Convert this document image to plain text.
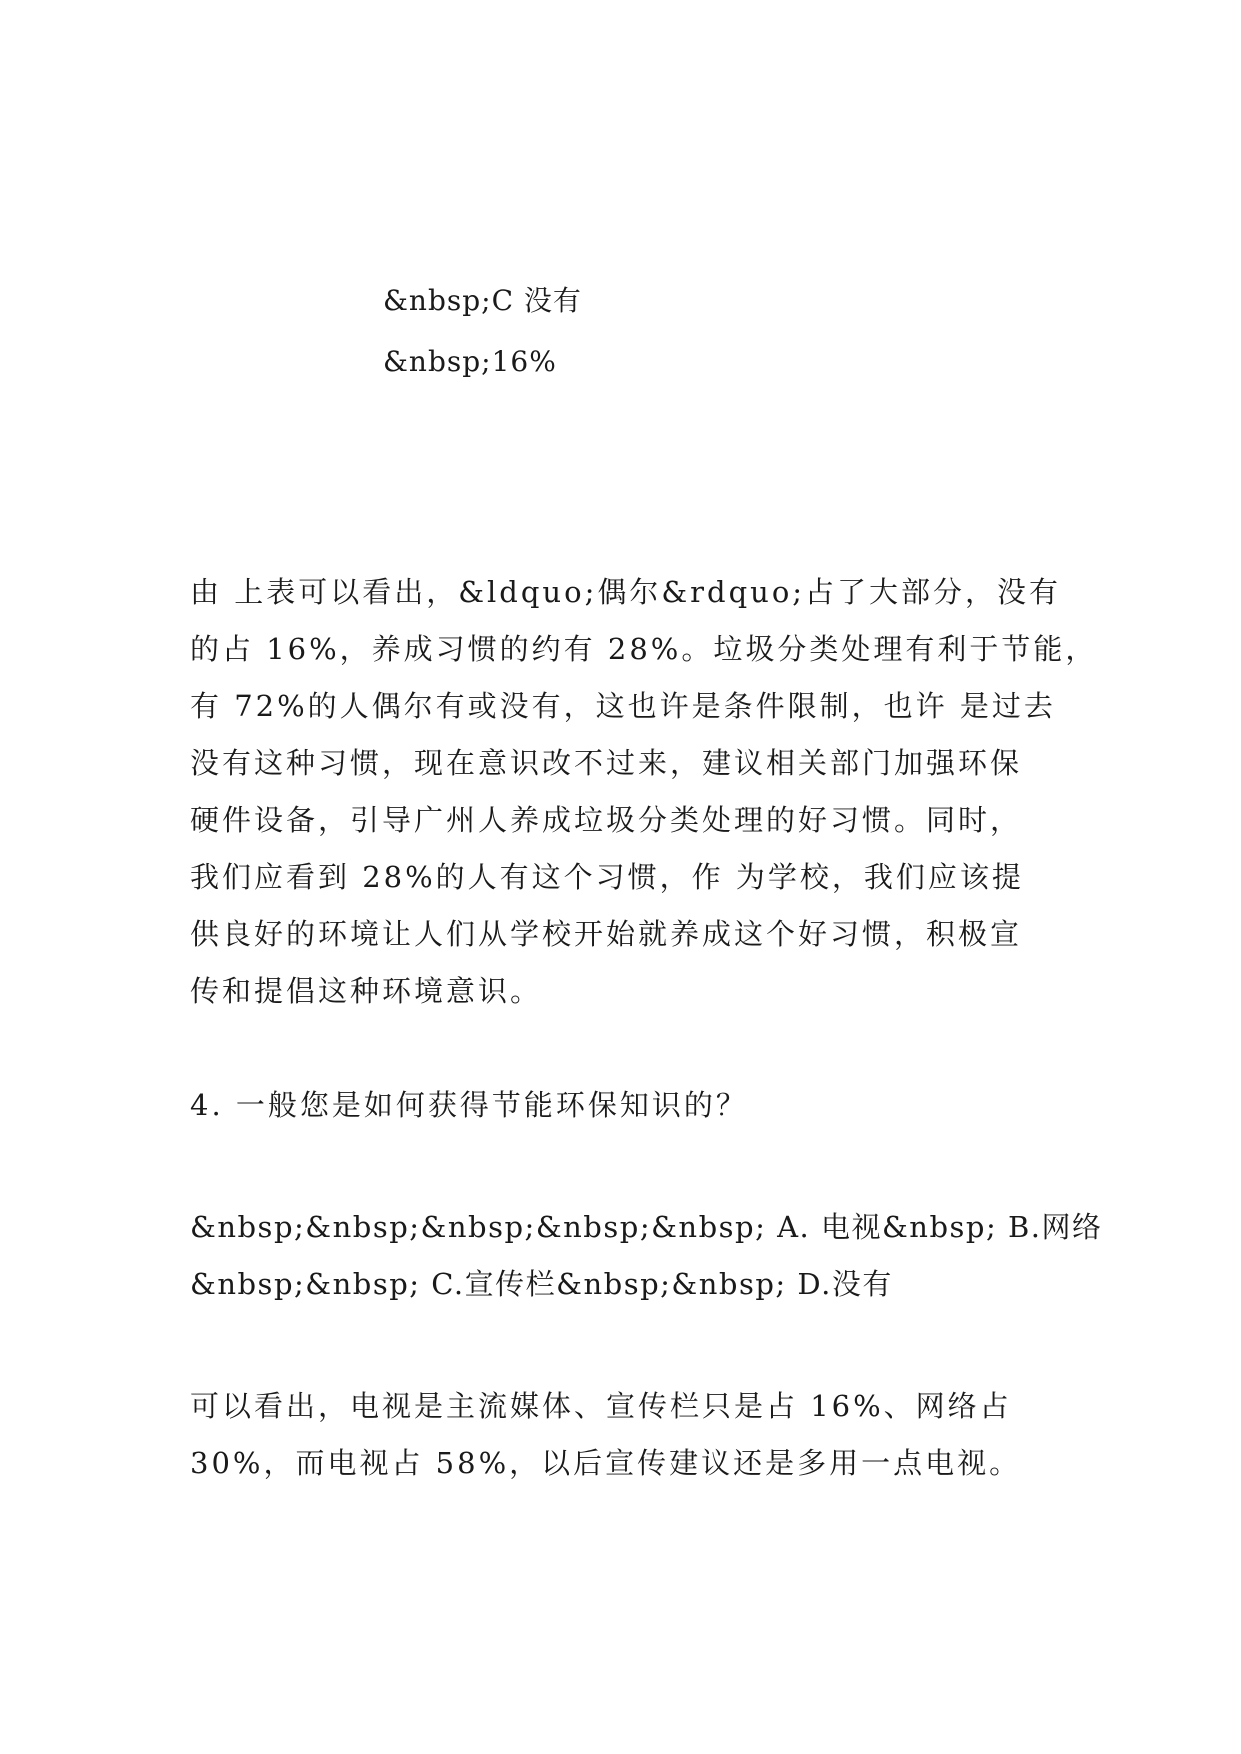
&nbsp;C 没有
&nbsp;16%
由 上表可以看出，&ldquo;偶尔&rdquo;占了大部分，没有
的占 16%，养成习惯的约有 28%。垃圾分类处理有利于节能，
有 72%的人偶尔有或没有，这也许是条件限制，也许 是过去
没有这种习惯，现在意识改不过来，建议相关部门加强环保
硬件设备，引导广州人养成垃圾分类处理的好习惯。同时，
我们应看到 28%的人有这个习惯，作 为学校，我们应该提
供良好的环境让人们从学校开始就养成这个好习惯，积极宣
传和提倡这种环境意识。
4. 一般您是如何获得节能环保知识的？
&nbsp;&nbsp;&nbsp;&nbsp;&nbsp; A. 电视&nbsp; B.网络
&nbsp;&nbsp; C.宣传栏&nbsp;&nbsp; D.没有
可以看出，电视是主流媒体、宣传栏只是占 16%、网络占
30%，而电视占 58%，以后宣传建议还是多用一点电视。
